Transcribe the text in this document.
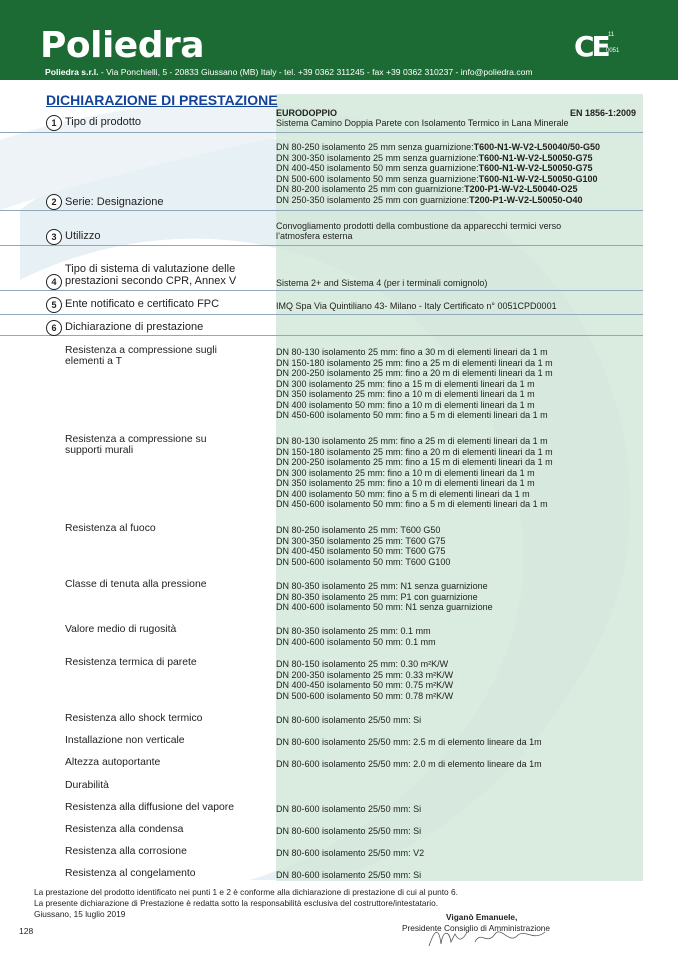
Poliedra	CE 11
0051
Poliedra s.r.l. - Via Ponchielli, 5 - 20833 Giussano (MB) Italy - tel. +39 0362 311245 - fax +39 0362 310237 - info@poliedra.com
DICHIARAZIONE DI PRESTAZIONE
EURODOPPIO	EN 1856-1:2009
1 Tipo di prodotto	Sistema Camino Doppia Parete con Isolamento Termico in Lana Minerale
2 Serie: Designazione
DN 80-250 isolamento 25 mm senza guarnizione:T600-N1-W-V2-L50040/50-G50
DN 300-350 isolamento 25 mm senza guarnizione:T600-N1-W-V2-L50050-G75
DN 400-450 isolamento 50 mm senza guarnizione:T600-N1-W-V2-L50050-G75
DN 500-600 isolamento 50 mm senza guarnizione:T600-N1-W-V2-L50050-G100
DN 80-200 isolamento 25 mm con guarnizione:T200-P1-W-V2-L50040-O25
DN 250-350 isolamento 25 mm con guarnizione:T200-P1-W-V2-L50050-O40
3 Utilizzo
Convogliamento prodotti della combustione da apparecchi termici verso
l’atmosfera esterna
Tipo di sistema di valutazione delle
4 prestazioni secondo CPR, Annex V	Sistema 2+ and Sistema 4 (per i terminali comignolo)
5 Ente notificato e certificato FPC	IMQ Spa Via Quintiliano 43- Milano - Italy Certificato n° 0051CPD0001
6 Dichiarazione di prestazione
Resistenza a compressione sugli
elementi a T
DN 80-130 isolamento 25 mm: fino a 30 m di elementi lineari da 1 m
DN 150-180 isolamento 25 mm: fino a 25 m di elementi lineari da 1 m
DN 200-250 isolamento 25 mm: fino a 20 m di elementi lineari da 1 m
DN 300 isolamento 25 mm: fino a 15 m di elementi lineari da 1 m
DN 350 isolamento 25 mm: fino a 10 m di elementi lineari da 1 m
DN 400 isolamento 50 mm: fino a 10 m di elementi lineari da 1 m
DN 450-600 isolamento 50 mm: fino a 5 m di elementi lineari da 1 m
Resistenza a compressione su
supporti murali
DN 80-130 isolamento 25 mm: fino a 25 m di elementi lineari da 1 m
DN 150-180 isolamento 25 mm: fino a 20 m di elementi lineari da 1 m
DN 200-250 isolamento 25 mm: fino a 15 m di elementi lineari da 1 m
DN 300 isolamento 25 mm: fino a 10 m di elementi lineari da 1 m
DN 350 isolamento 25 mm: fino a 10 m di elementi lineari da 1 m
DN 400 isolamento 50 mm: fino a 5 m di elementi lineari da 1 m
DN 450-600 isolamento 50 mm: fino a 5 m di elementi lineari da 1 m
Resistenza al fuoco	DN 80-250 isolamento 25 mm: T600 G50
DN 300-350 isolamento 25 mm: T600 G75
DN 400-450 isolamento 50 mm: T600 G75
DN 500-600 isolamento 50 mm: T600 G100
Classe di tenuta alla pressione	DN 80-350 isolamento 25 mm: N1 senza guarnizione
DN 80-350 isolamento 25 mm: P1 con guarnizione
DN 400-600 isolamento 50 mm: N1 senza guarnizione
Valore medio di rugosità	DN 80-350 isolamento 25 mm: 0.1 mm
DN 400-600 isolamento 50 mm: 0.1 mm
Resistenza termica di parete	DN 80-150 isolamento 25 mm: 0.30 m²K/W
DN 200-350 isolamento 25 mm: 0.33 m²K/W
DN 400-450 isolamento 50 mm: 0.75 m²K/W
DN 500-600 isolamento 50 mm: 0.78 m²K/W
Resistenza allo shock termico	DN 80-600 isolamento 25/50 mm: Si
Installazione non verticale	DN 80-600 isolamento 25/50 mm: 2.5 m di elemento lineare da 1m
Altezza autoportante	DN 80-600 isolamento 25/50 mm: 2.0 m di elemento lineare da 1m
Durabilità
Resistenza alla diffusione del vapore	DN 80-600 isolamento 25/50 mm: Si
Resistenza alla condensa	DN 80-600 isolamento 25/50 mm: Si
Resistenza alla corrosione	DN 80-600 isolamento 25/50 mm: V2
Resistenza al congelamento	DN 80-600 isolamento 25/50 mm: Si
La prestazione del prodotto identificato nei punti 1 e 2 è conforme alla dichiarazione di prestazione di cui al punto 6.
La presente dichiarazione di Prestazione è redatta sotto la responsabilità esclusiva del costruttore/intestatario.
Giussano, 15 luglio 2019	Viganò Emanuele,
Presidente Consiglio di Amministrazione
128
